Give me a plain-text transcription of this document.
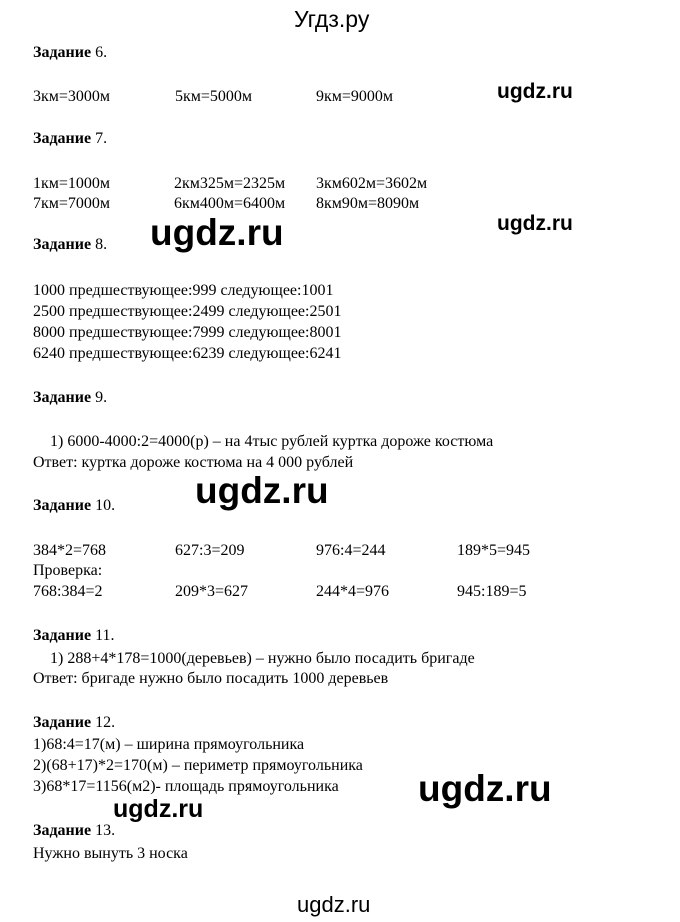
Угдз.ру
Задание 6.
3км=3000м	5км=5000м	9км=9000м	ugdz.ru
Задание 7.
1км=1000м	2км325м=2325м 3км602м=3602м
7км=7000м	6км400м=6400м 8км90м=8090м
ugdz.ru
Задание 8. ugdz.ru
1000 предшествующее:999 следующее:1001
2500 предшествующее:2499 следующее:2501
8000 предшествующее:7999 следующее:8001
6240 предшествующее:6239 следующее:6241
Задание 9.
1) 6000-4000:2=4000(р) – на 4тыс рублей куртка дороже костюма
Ответ: куртка дороже костюма на 4 000 рублей
ugdz.ru
Задание 10.
384*2=768	627:3=209	976:4=244	189*5=945
Проверка:
768:384=2	209*3=627	244*4=976	945:189=5
Задание 11.
1) 288+4*178=1000(деревьев) – нужно было посадить бригаде
Ответ: бригаде нужно было посадить 1000 деревьев
Задание 12.
1)68:4=17(м) – ширина прямоугольника
2)(68+17)*2=170(м) – периметр прямоугольника
3)68*17=1156(м2)- площадь прямоугольника ugdz.ru
ugdz.ru
Задание 13.
Нужно вынуть 3 носка
ugdz.ru
